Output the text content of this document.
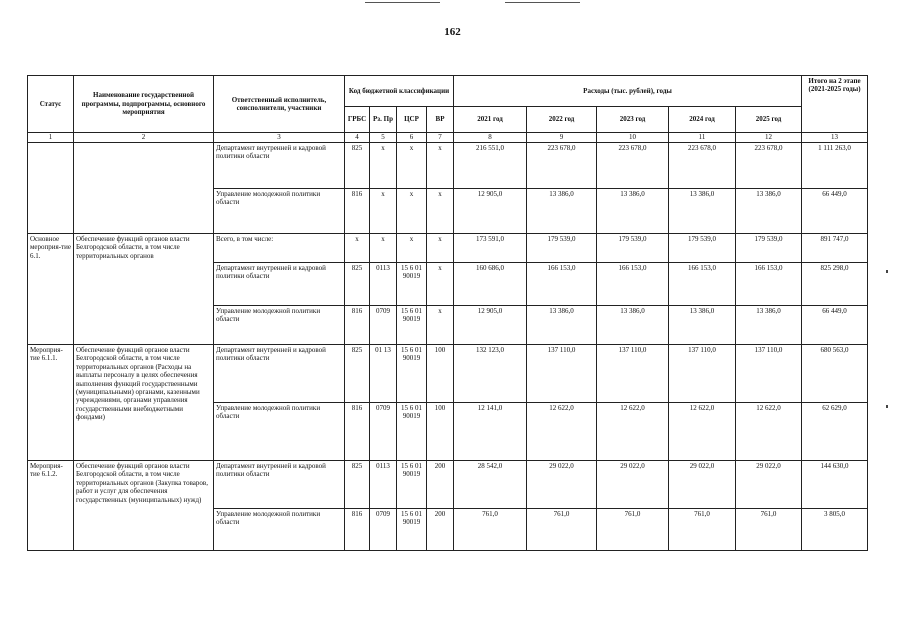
162
Статус	Наименование государственной программы, подпрограммы, основного мероприятия	Ответственный исполнитель, соисполнители, участники	Код бюджетной классификации				Расходы (тыс. рублей), годы					Итого на 2 этапе (2021-2025 годы)
			ГРБС	Рз. Пр	ЦСР	ВР	2021 год	2022 год	2023 год	2024 год	2025 год	
1	2	3	4	5	6	7	8	9	10	11	12	13
		Департамент внутренней и кадровой политики области	825	х	х	х	216 551,0	223 678,0	223 678,0	223 678,0	223 678,0	1 111 263,0
		Управление молодежной политики области	816	х	х	х	12 905,0	13 386,0	13 386,0	13 386,0	13 386,0	66 449,0
Основное мероприя-тие 6.1.	Обеспечение функций органов власти Белгородской области, в том числе территориальных органов	Всего, в том числе:	х	х	х	х	173 591,0	179 539,0	179 539,0	179 539,0	179 539,0	891 747,0
		Департамент внутренней и кадровой политики области	825	0113	15 6 01 90019	х	160 686,0	166 153,0	166 153,0	166 153,0	166 153,0	825 298,0
		Управление молодежной политики области	816	0709	15 6 01 90019	х	12 905,0	13 386,0	13 386,0	13 386,0	13 386,0	66 449,0
Мероприя-тие 6.1.1.	Обеспечение функций органов власти Белгородской области, в том числе территориальных органов (Расходы на выплаты персоналу в целях обеспечения выполнения функций государственными (муниципальными) органами, казенными учреждениями, органами управления государственными внебюджетными фондами)	Департамент внутренней и кадровой политики области	825	01 13	15 6 01 90019	100	132 123,0	137 110,0	137 110,0	137 110,0	137 110,0	680 563,0
		Управление молодежной политики области	816	0709	15 6 01 90019	100	12 141,0	12 622,0	12 622,0	12 622,0	12 622,0	62 629,0
Мероприя-тие 6.1.2.	Обеспечение функций органов власти Белгородской области, в том числе территориальных органов (Закупка товаров, работ и услуг для обеспечения государственных (муниципальных) нужд)	Департамент внутренней и кадровой политики области	825	0113	15 6 01 90019	200	28 542,0	29 022,0	29 022,0	29 022,0	29 022,0	144 630,0
		Управление молодежной политики области	816	0709	15 6 01 90019	200	761,0	761,0	761,0	761,0	761,0	3 805,0
